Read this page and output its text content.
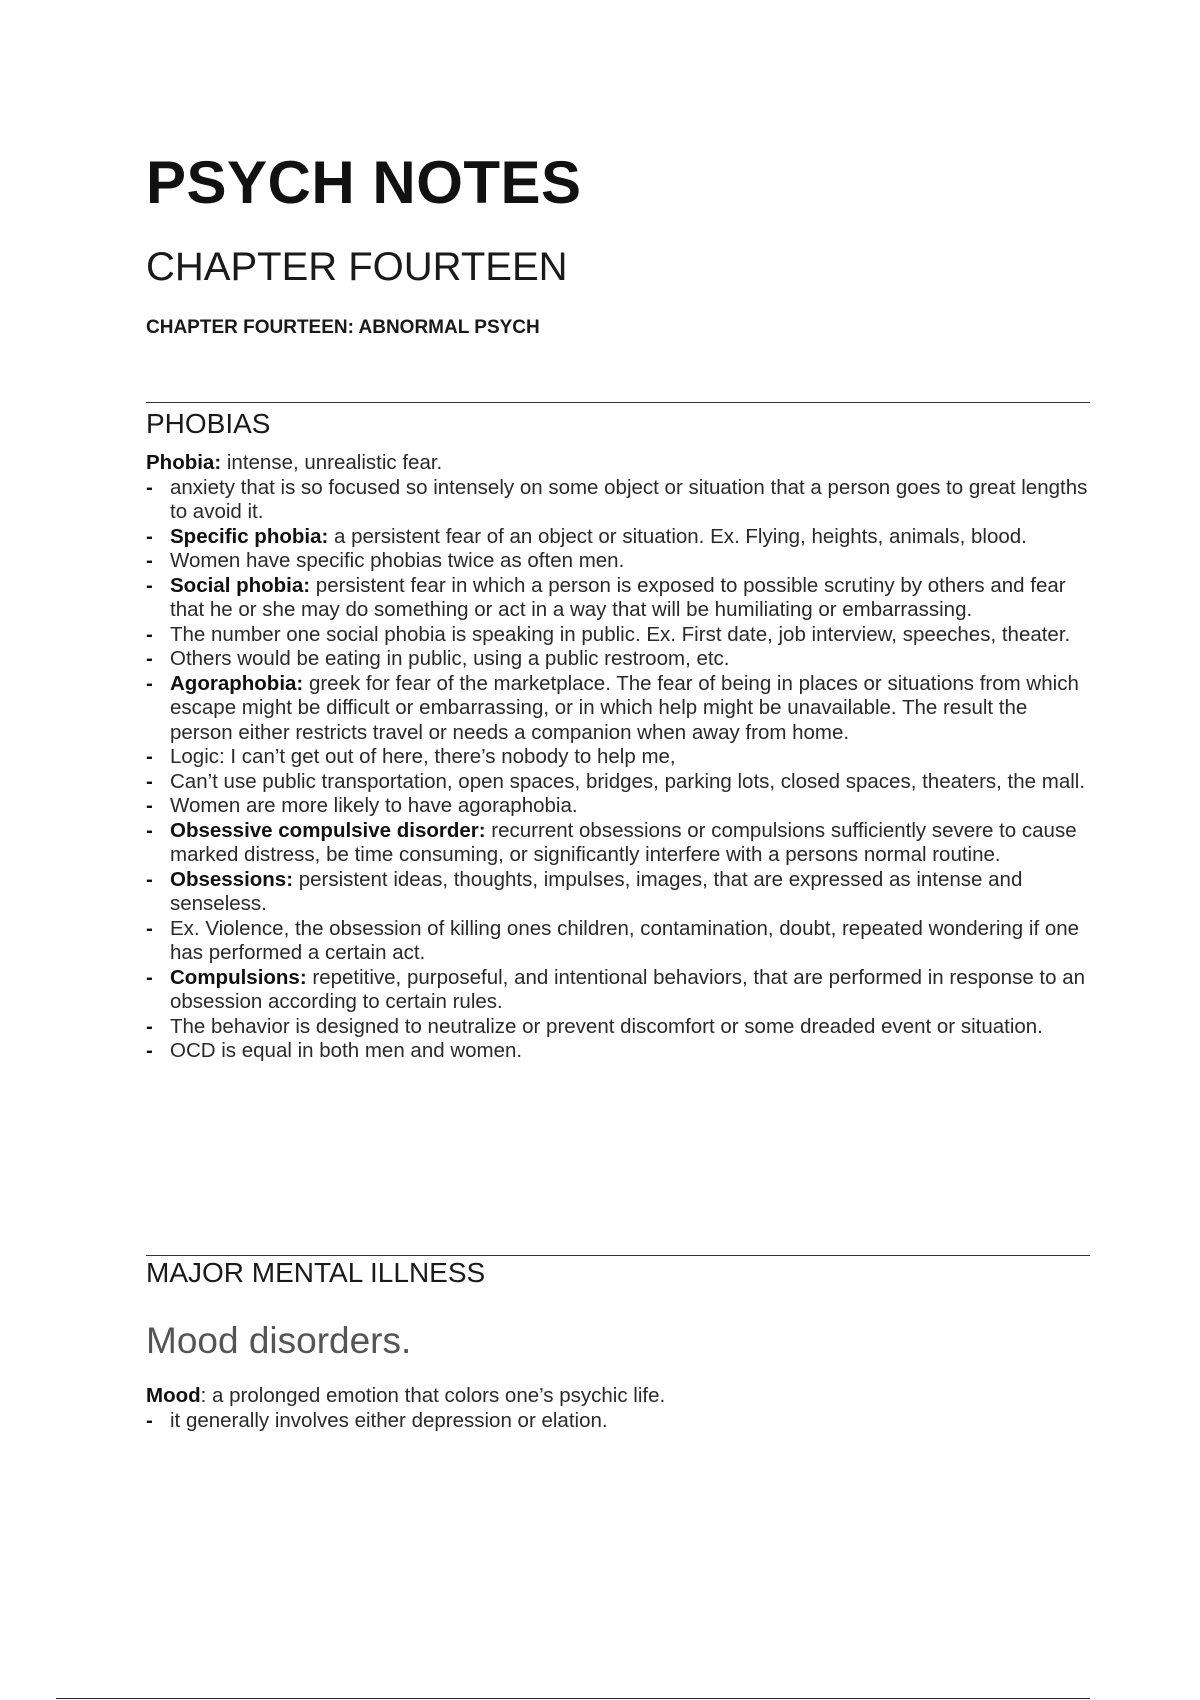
PSYCH NOTES
CHAPTER FOURTEEN
CHAPTER FOURTEEN: ABNORMAL PSYCH
PHOBIAS

Phobia: intense, unrealistic fear.

- anxiety that is so focused so intensely on some object or situation that a person goes to great lengths to avoid it.
- Specific phobia: a persistent fear of an object or situation. Ex. Flying, heights, animals, blood.
- Women have specific phobias twice as often men.
- Social phobia: persistent fear in which a person is exposed to possible scrutiny by others and fear that he or she may do something or act in a way that will be humiliating or embarrassing.
- The number one social phobia is speaking in public. Ex. First date, job interview, speeches, theater.
- Others would be eating in public, using a public restroom, etc.
- Agoraphobia: greek for fear of the marketplace. The fear of being in places or situations from which escape might be difficult or embarrassing, or in which help might be unavailable. The result the person either restricts travel or needs a companion when away from home.
- Logic: I can’t get out of here, there’s nobody to help me,
- Can’t use public transportation, open spaces, bridges, parking lots, closed spaces, theaters, the mall.
- Women are more likely to have agoraphobia.
- Obsessive compulsive disorder: recurrent obsessions or compulsions sufficiently severe to cause marked distress, be time consuming, or significantly interfere with a persons normal routine.
- Obsessions: persistent ideas, thoughts, impulses, images, that are expressed as intense and senseless.
- Ex. Violence, the obsession of killing ones children, contamination, doubt, repeated wondering if one has performed a certain act.
- Compulsions: repetitive, purposeful, and intentional behaviors, that are performed in response to an obsession according to certain rules.
- The behavior is designed to neutralize or prevent discomfort or some dreaded event or situation.
- OCD is equal in both men and women.
MAJOR MENTAL ILLNESS
Mood disorders.

Mood: a prolonged emotion that colors one’s psychic life.

- it generally involves either depression or elation.
